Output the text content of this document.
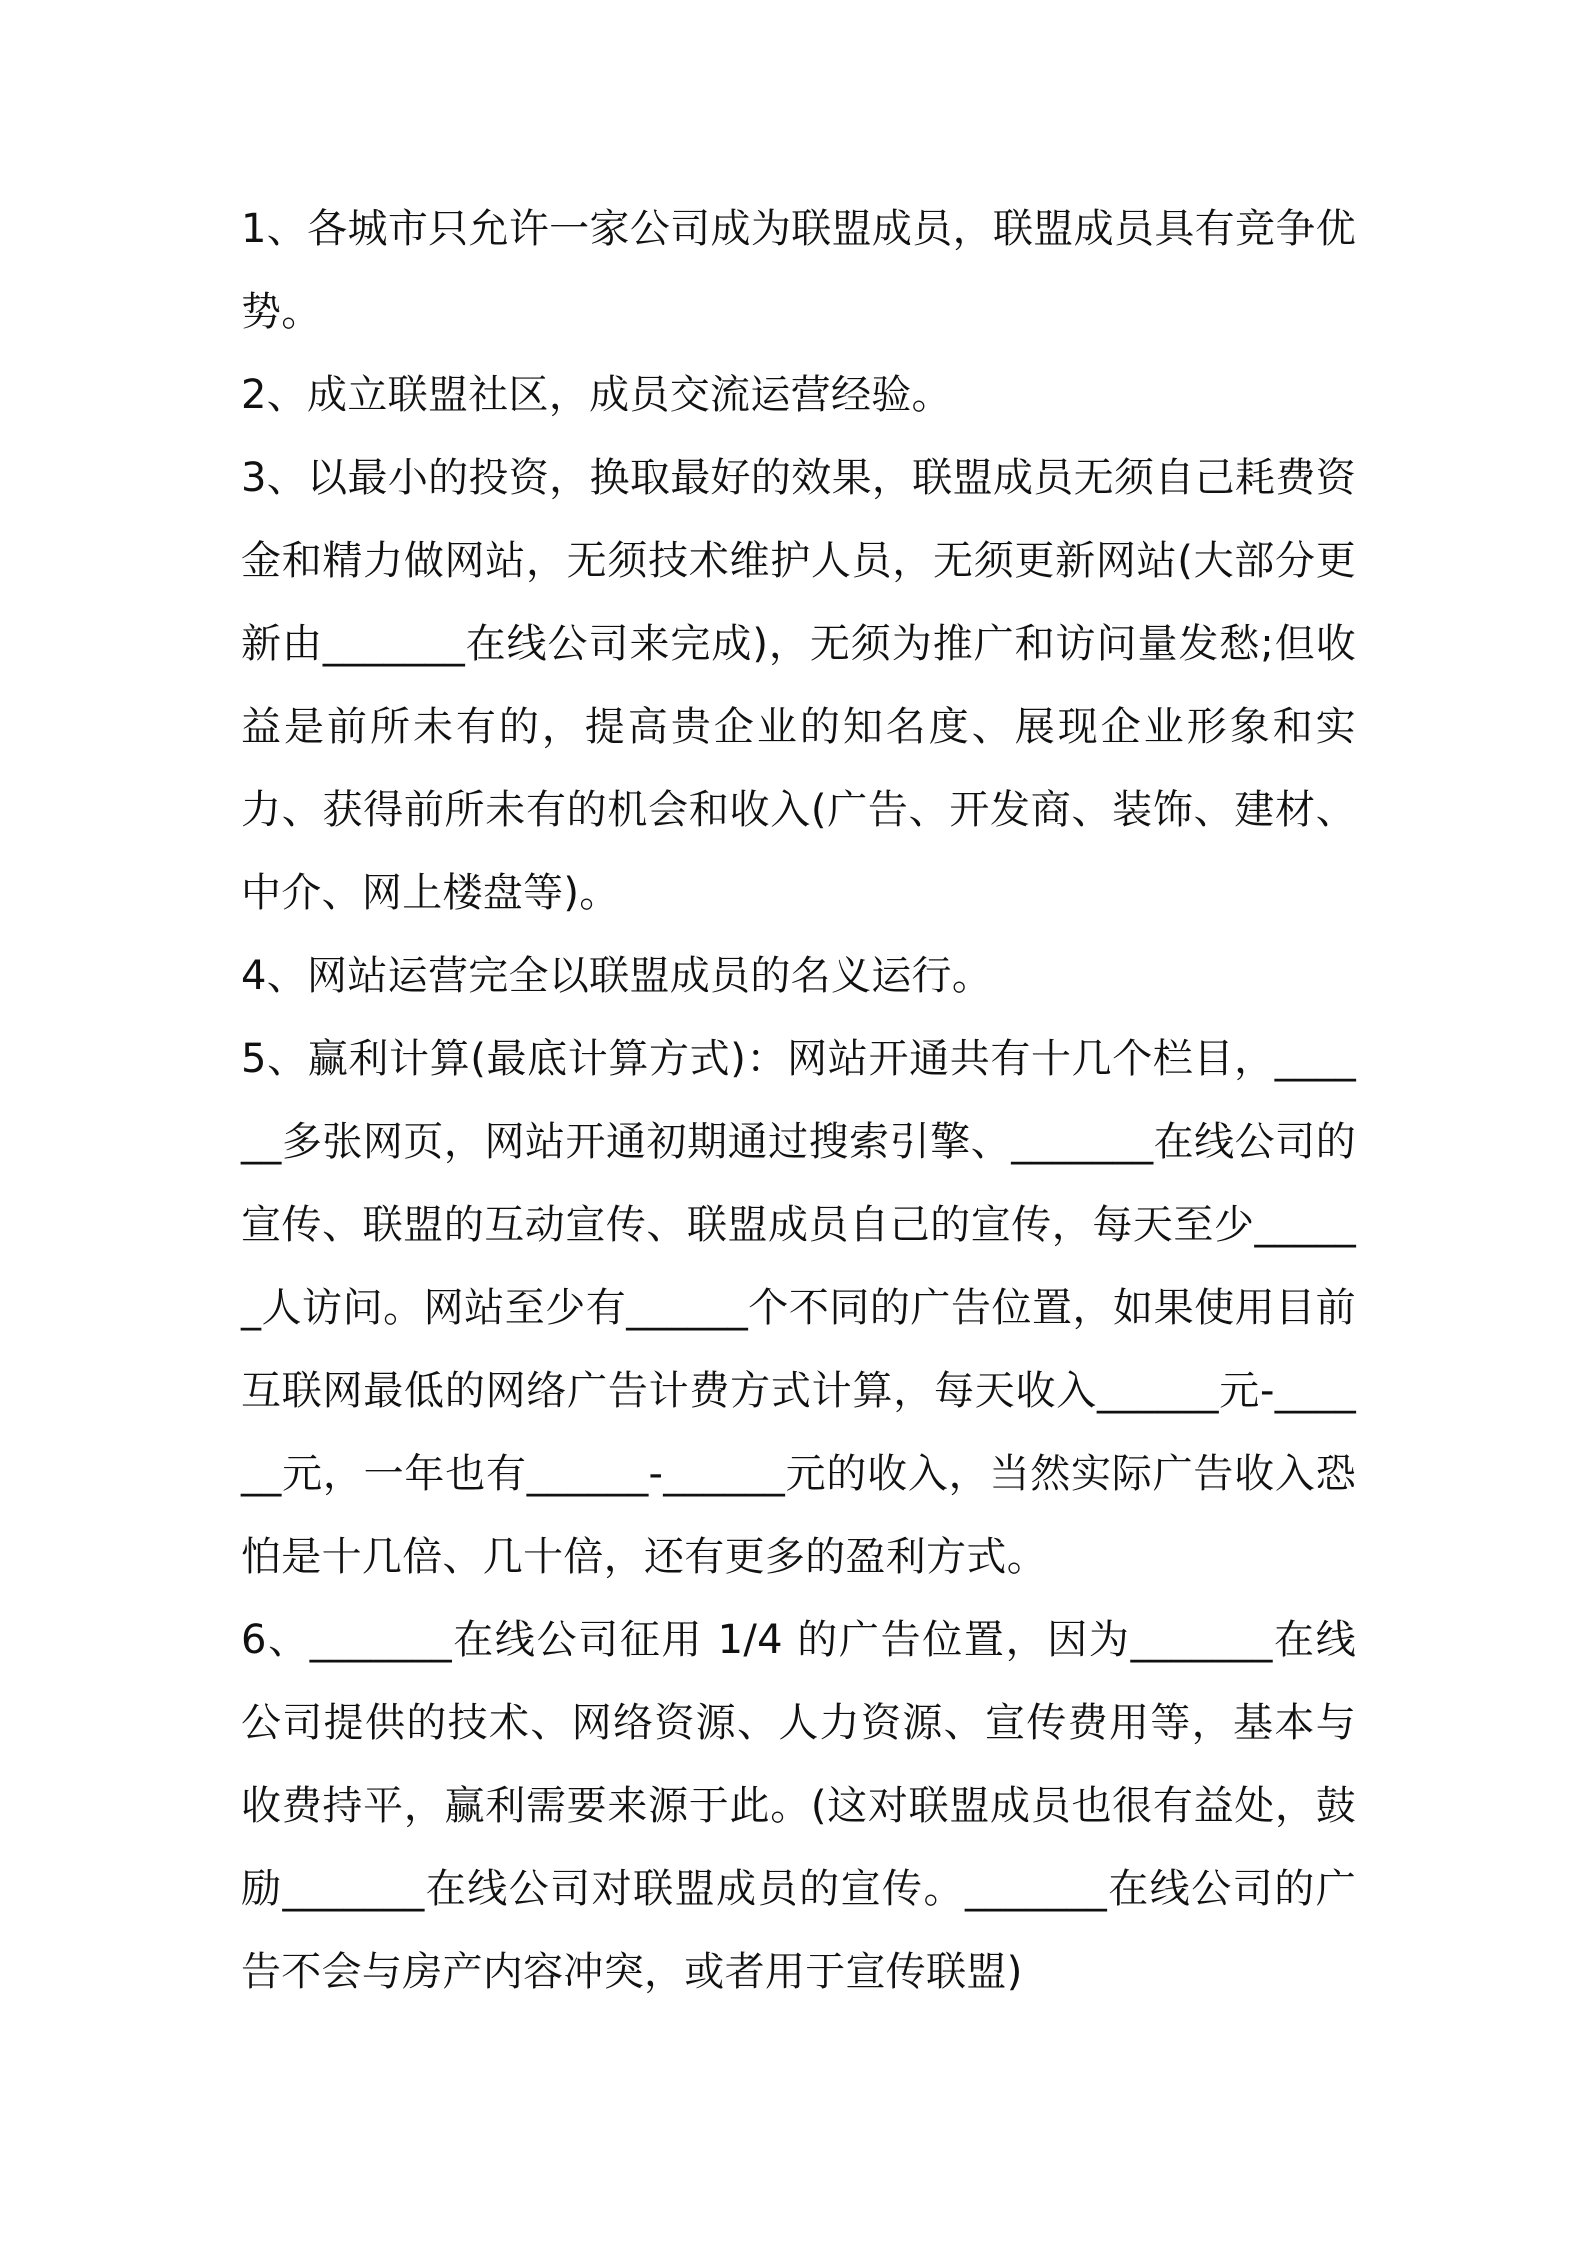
1、各城市只允许一家公司成为联盟成员，联盟成员具有竞争优势。

2、成立联盟社区，成员交流运营经验。

3、以最小的投资，换取最好的效果，联盟成员无须自己耗费资金和精力做网站，无须技术维护人员，无须更新网站(大部分更新由_______在线公司来完成)，无须为推广和访问量发愁;但收益是前所未有的，提高贵企业的知名度、展现企业形象和实力、获得前所未有的机会和收入(广告、开发商、装饰、建材、中介、网上楼盘等)。

4、网站运营完全以联盟成员的名义运行。

5、赢利计算(最底计算方式)：网站开通共有十几个栏目，______多张网页，网站开通初期通过搜索引擎、_______在线公司的宣传、联盟的互动宣传、联盟成员自己的宣传，每天至少______人访问。网站至少有______个不同的广告位置，如果使用目前互联网最低的网络广告计费方式计算，每天收入______元-______元，一年也有______-______元的收入，当然实际广告收入恐怕是十几倍、几十倍，还有更多的盈利方式。

6、_______在线公司征用 1/4 的广告位置，因为_______在线公司提供的技术、网络资源、人力资源、宣传费用等，基本与收费持平，赢利需要来源于此。(这对联盟成员也很有益处，鼓励_______在线公司对联盟成员的宣传。_______在线公司的广告不会与房产内容冲突，或者用于宣传联盟)
